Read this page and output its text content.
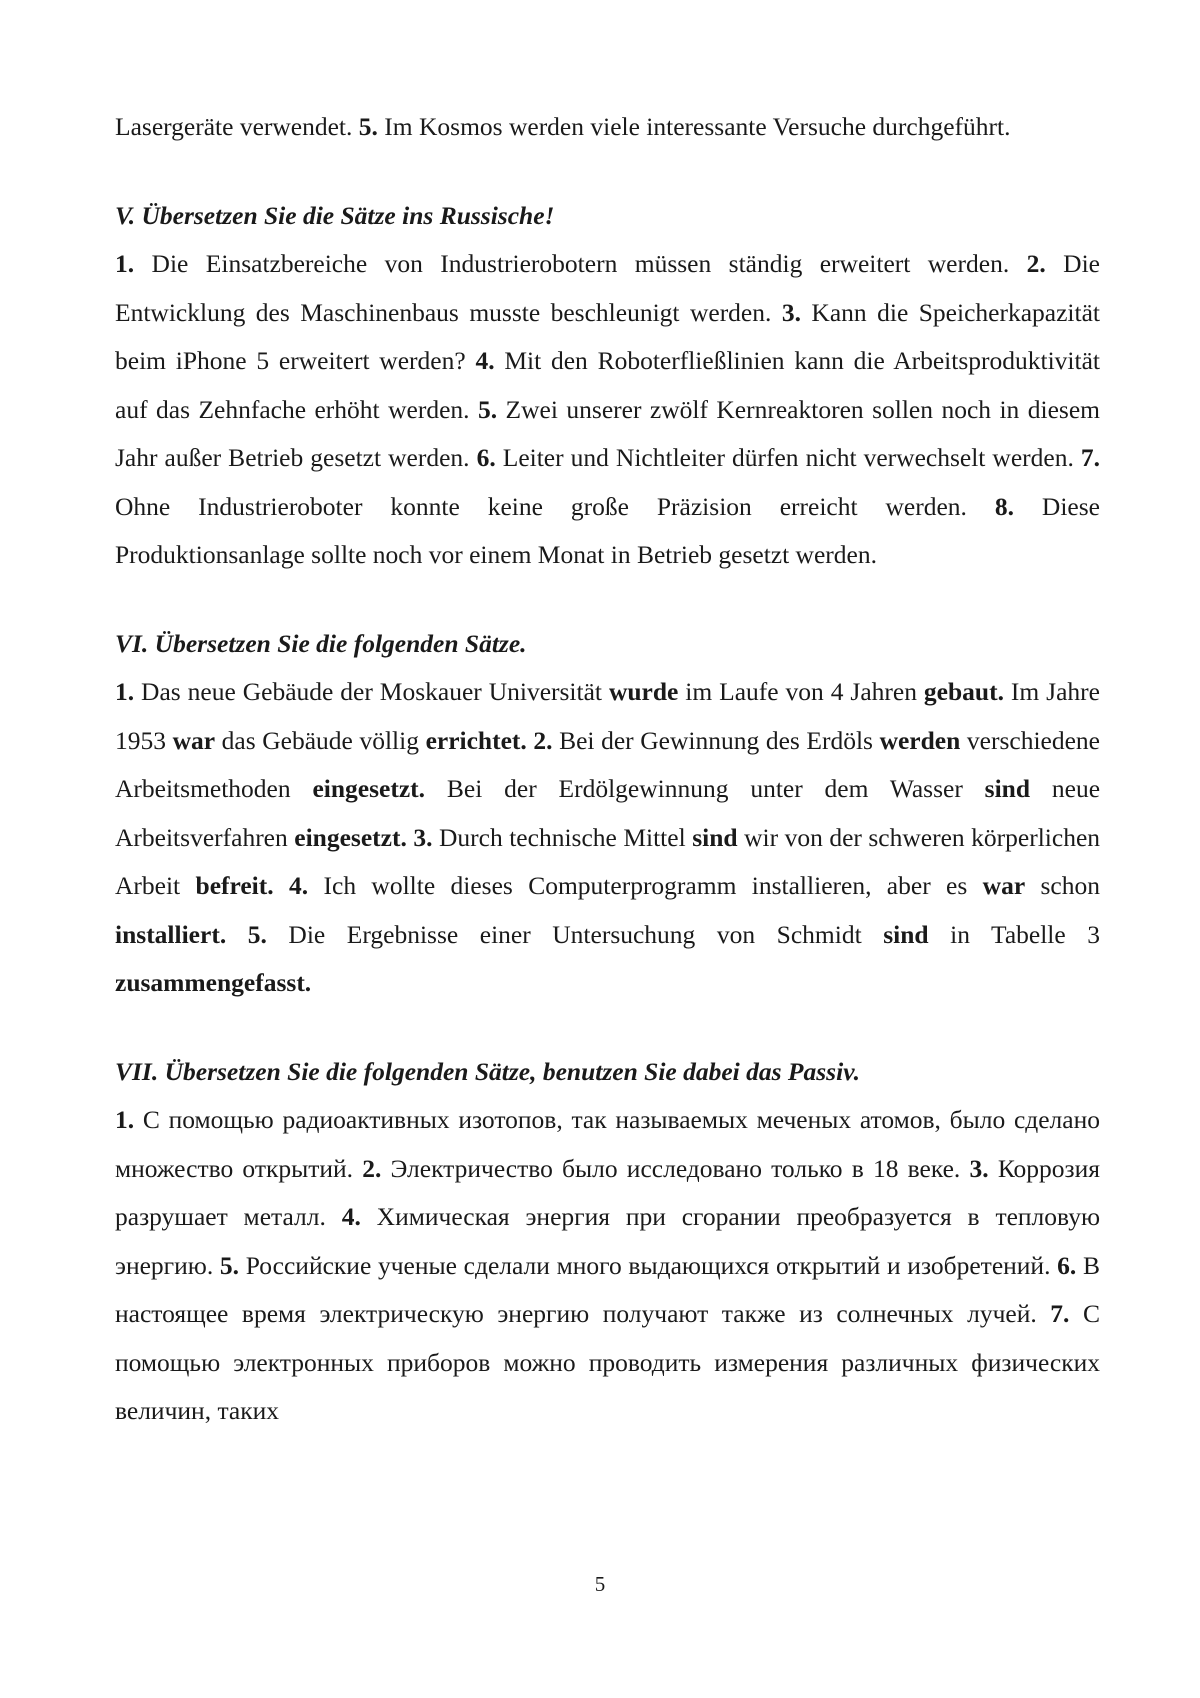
Lasergeräte verwendet. 5. Im Kosmos werden viele interessante Versuche durchgeführt.

V. Übersetzen Sie die Sätze ins Russische!

1. Die Einsatzbereiche von Industrierobotern müssen ständig erweitert werden. 2. Die Entwicklung des Maschinenbaus musste beschleunigt werden. 3. Kann die Speicherkapazität beim iPhone 5 erweitert werden? 4. Mit den Roboterfließlinien kann die Arbeitsproduktivität auf das Zehnfache erhöht werden. 5. Zwei unserer zwölf Kernreaktoren sollen noch in diesem Jahr außer Betrieb gesetzt werden. 6. Leiter und Nichtleiter dürfen nicht verwechselt werden. 7. Ohne Industrieroboter konnte keine große Präzision erreicht werden. 8. Diese Produktionsanlage sollte noch vor einem Monat in Betrieb gesetzt werden.

VI. Übersetzen Sie die folgenden Sätze.

1. Das neue Gebäude der Moskauer Universität wurde im Laufe von 4 Jahren gebaut. Im Jahre 1953 war das Gebäude völlig errichtet. 2. Bei der Gewinnung des Erdöls werden verschiedene Arbeitsmethoden eingesetzt. Bei der Erdölgewinnung unter dem Wasser sind neue Arbeitsverfahren eingesetzt. 3. Durch technische Mittel sind wir von der schweren körperlichen Arbeit befreit. 4. Ich wollte dieses Computerprogramm installieren, aber es war schon installiert. 5. Die Ergebnisse einer Untersuchung von Schmidt sind in Tabelle 3 zusammengefasst.

VII. Übersetzen Sie die folgenden Sätze, benutzen Sie dabei das Passiv.

1. С помощью радиоактивных изотопов, так называемых меченых атомов, было сделано множество открытий. 2. Электричество было исследовано только в 18 веке. 3. Коррозия разрушает металл. 4. Химическая энергия при сгорании преобразуется в тепловую энергию. 5. Российские ученые сделали много выдающихся открытий и изобретений. 6. В настоящее время электрическую энергию получают также из солнечных лучей. 7. С помощью электронных приборов можно проводить измерения различных физических величин, таких

5
